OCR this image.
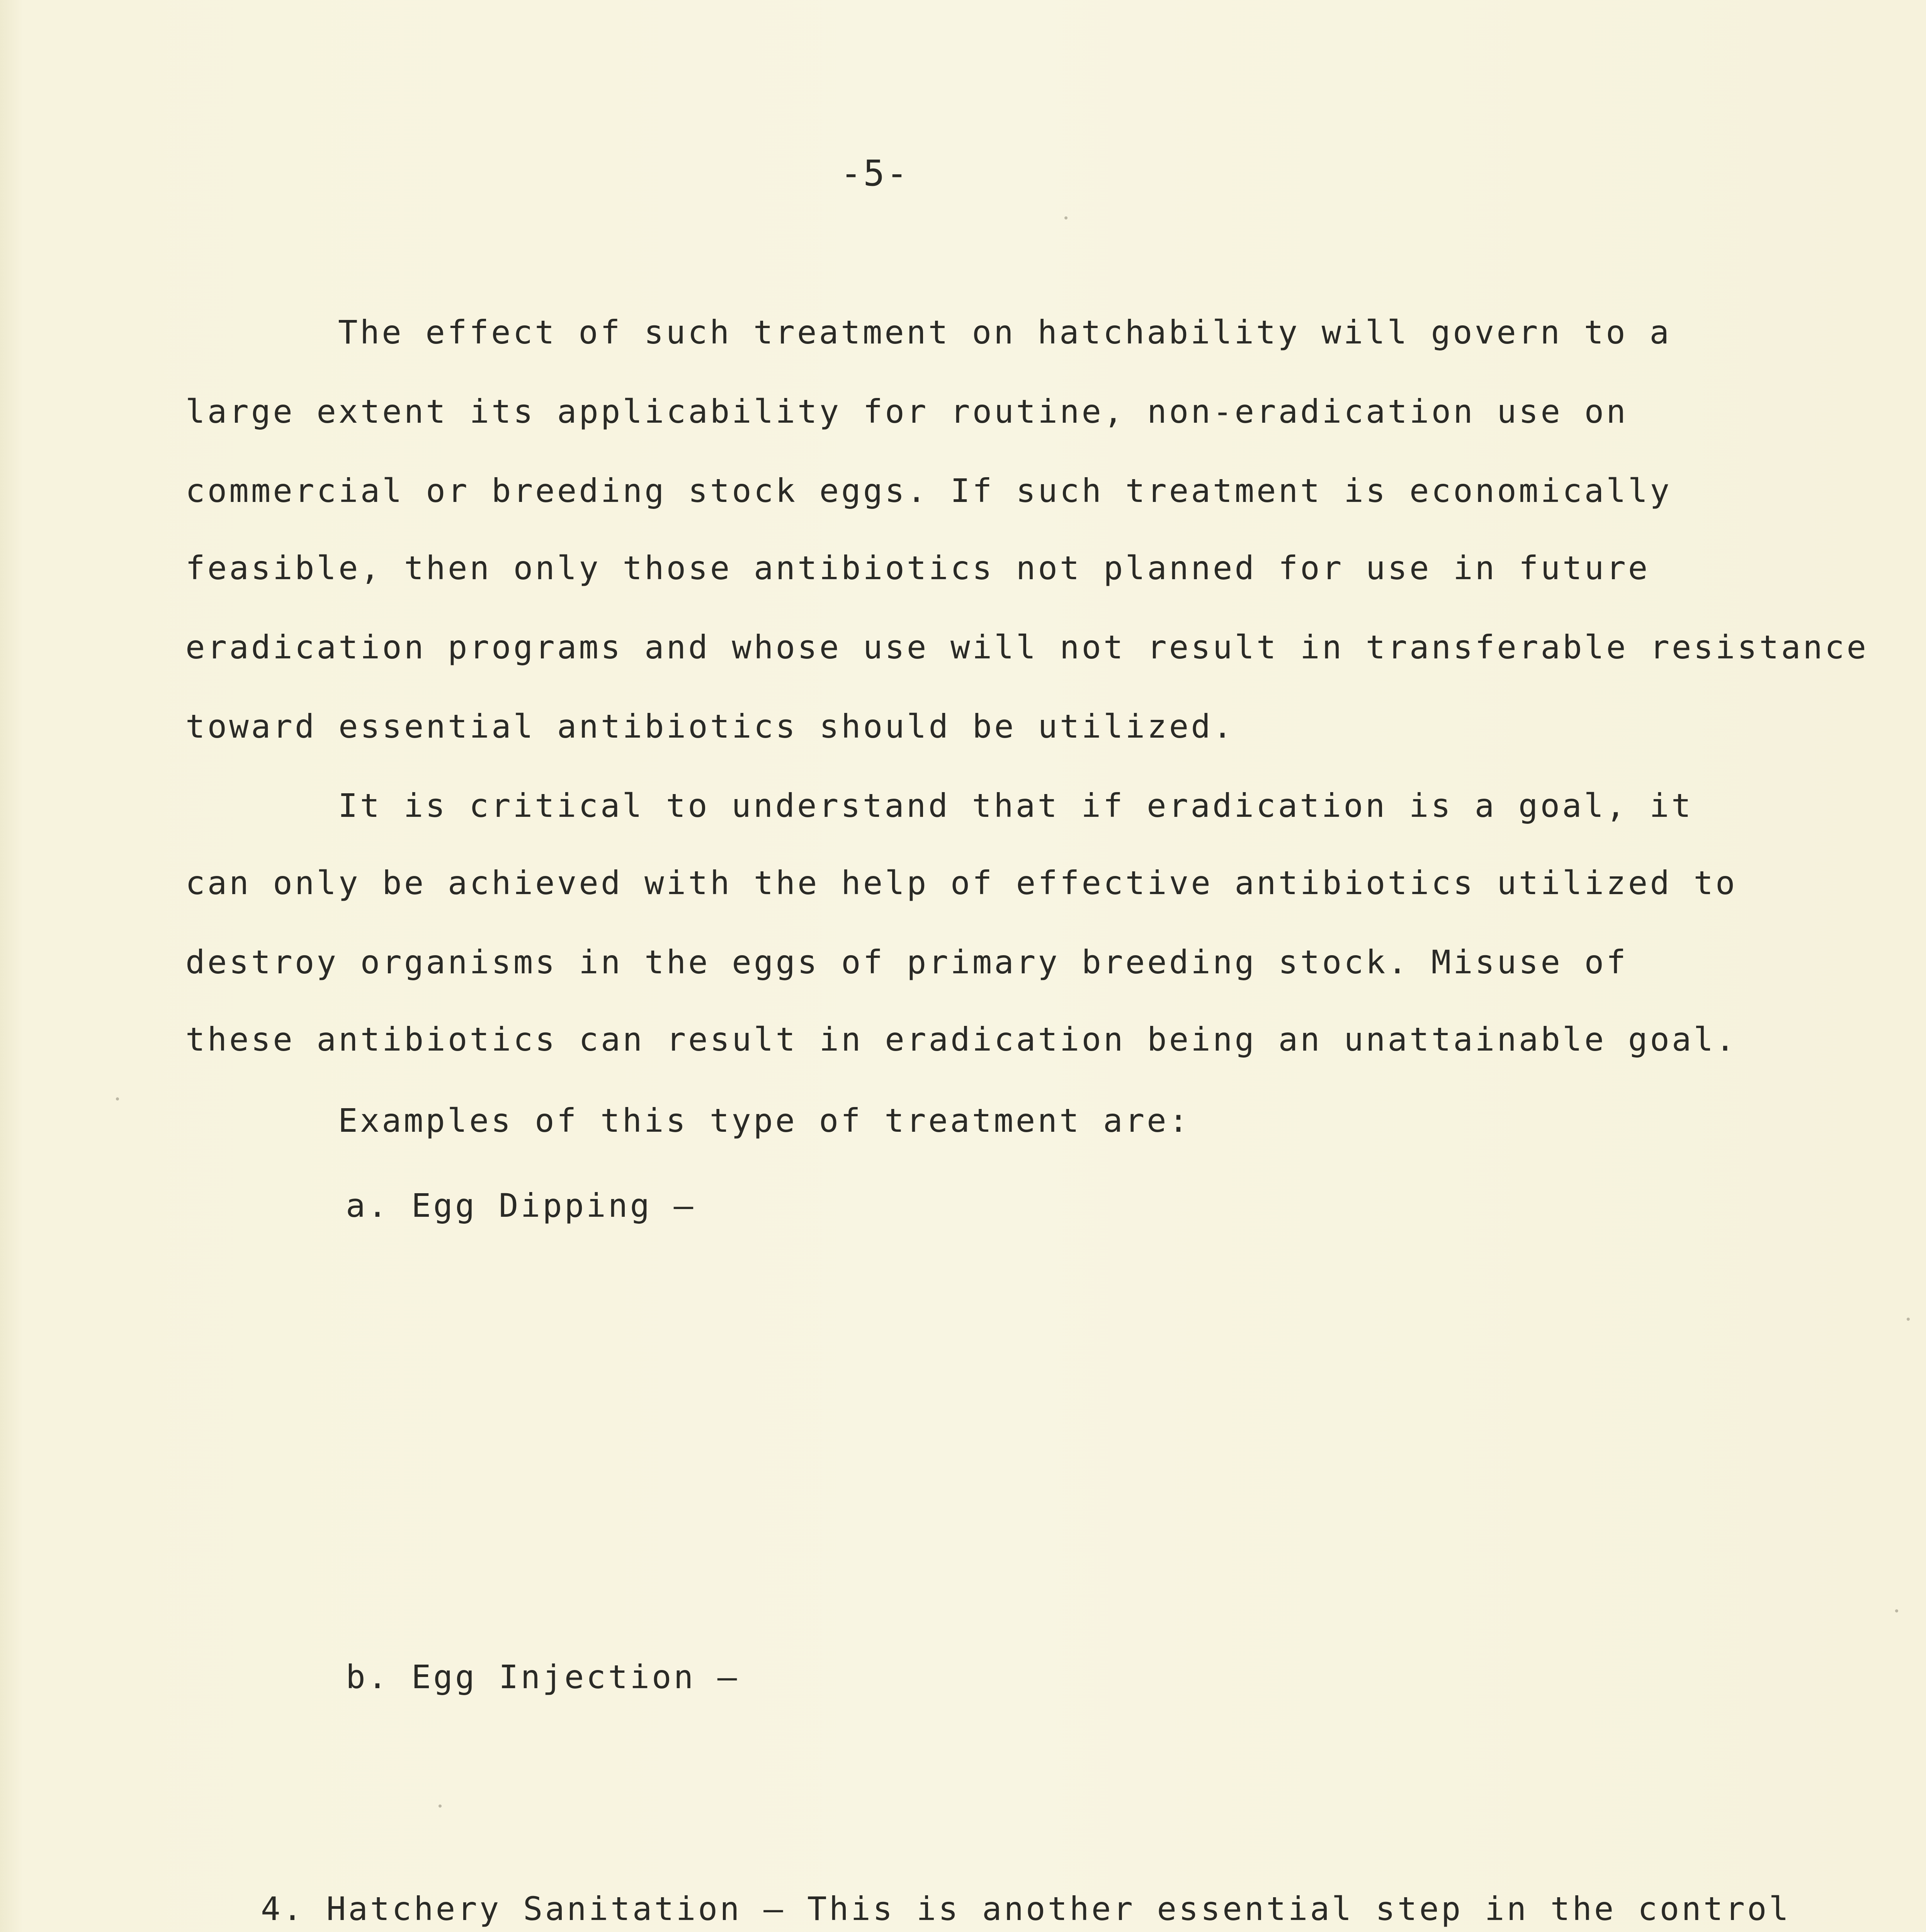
-5-
The effect of such treatment on hatchability will govern to a
large extent its applicability for routine, non-eradication use on
commercial or breeding stock eggs. If such treatment is economically
feasible, then only those antibiotics not planned for use in future
eradication programs and whose use will not result in transferable resistance
toward essential antibiotics should be utilized.
It is critical to understand that if eradication is a goal, it
can only be achieved with the help of effective antibiotics utilized to
destroy organisms in the eggs of primary breeding stock. Misuse of
these antibiotics can result in eradication being an unattainable goal.
Examples of this type of treatment are:
a. Egg Dipping —
b. Egg Injection —
4. Hatchery Sanitation — This is another essential step in the control
